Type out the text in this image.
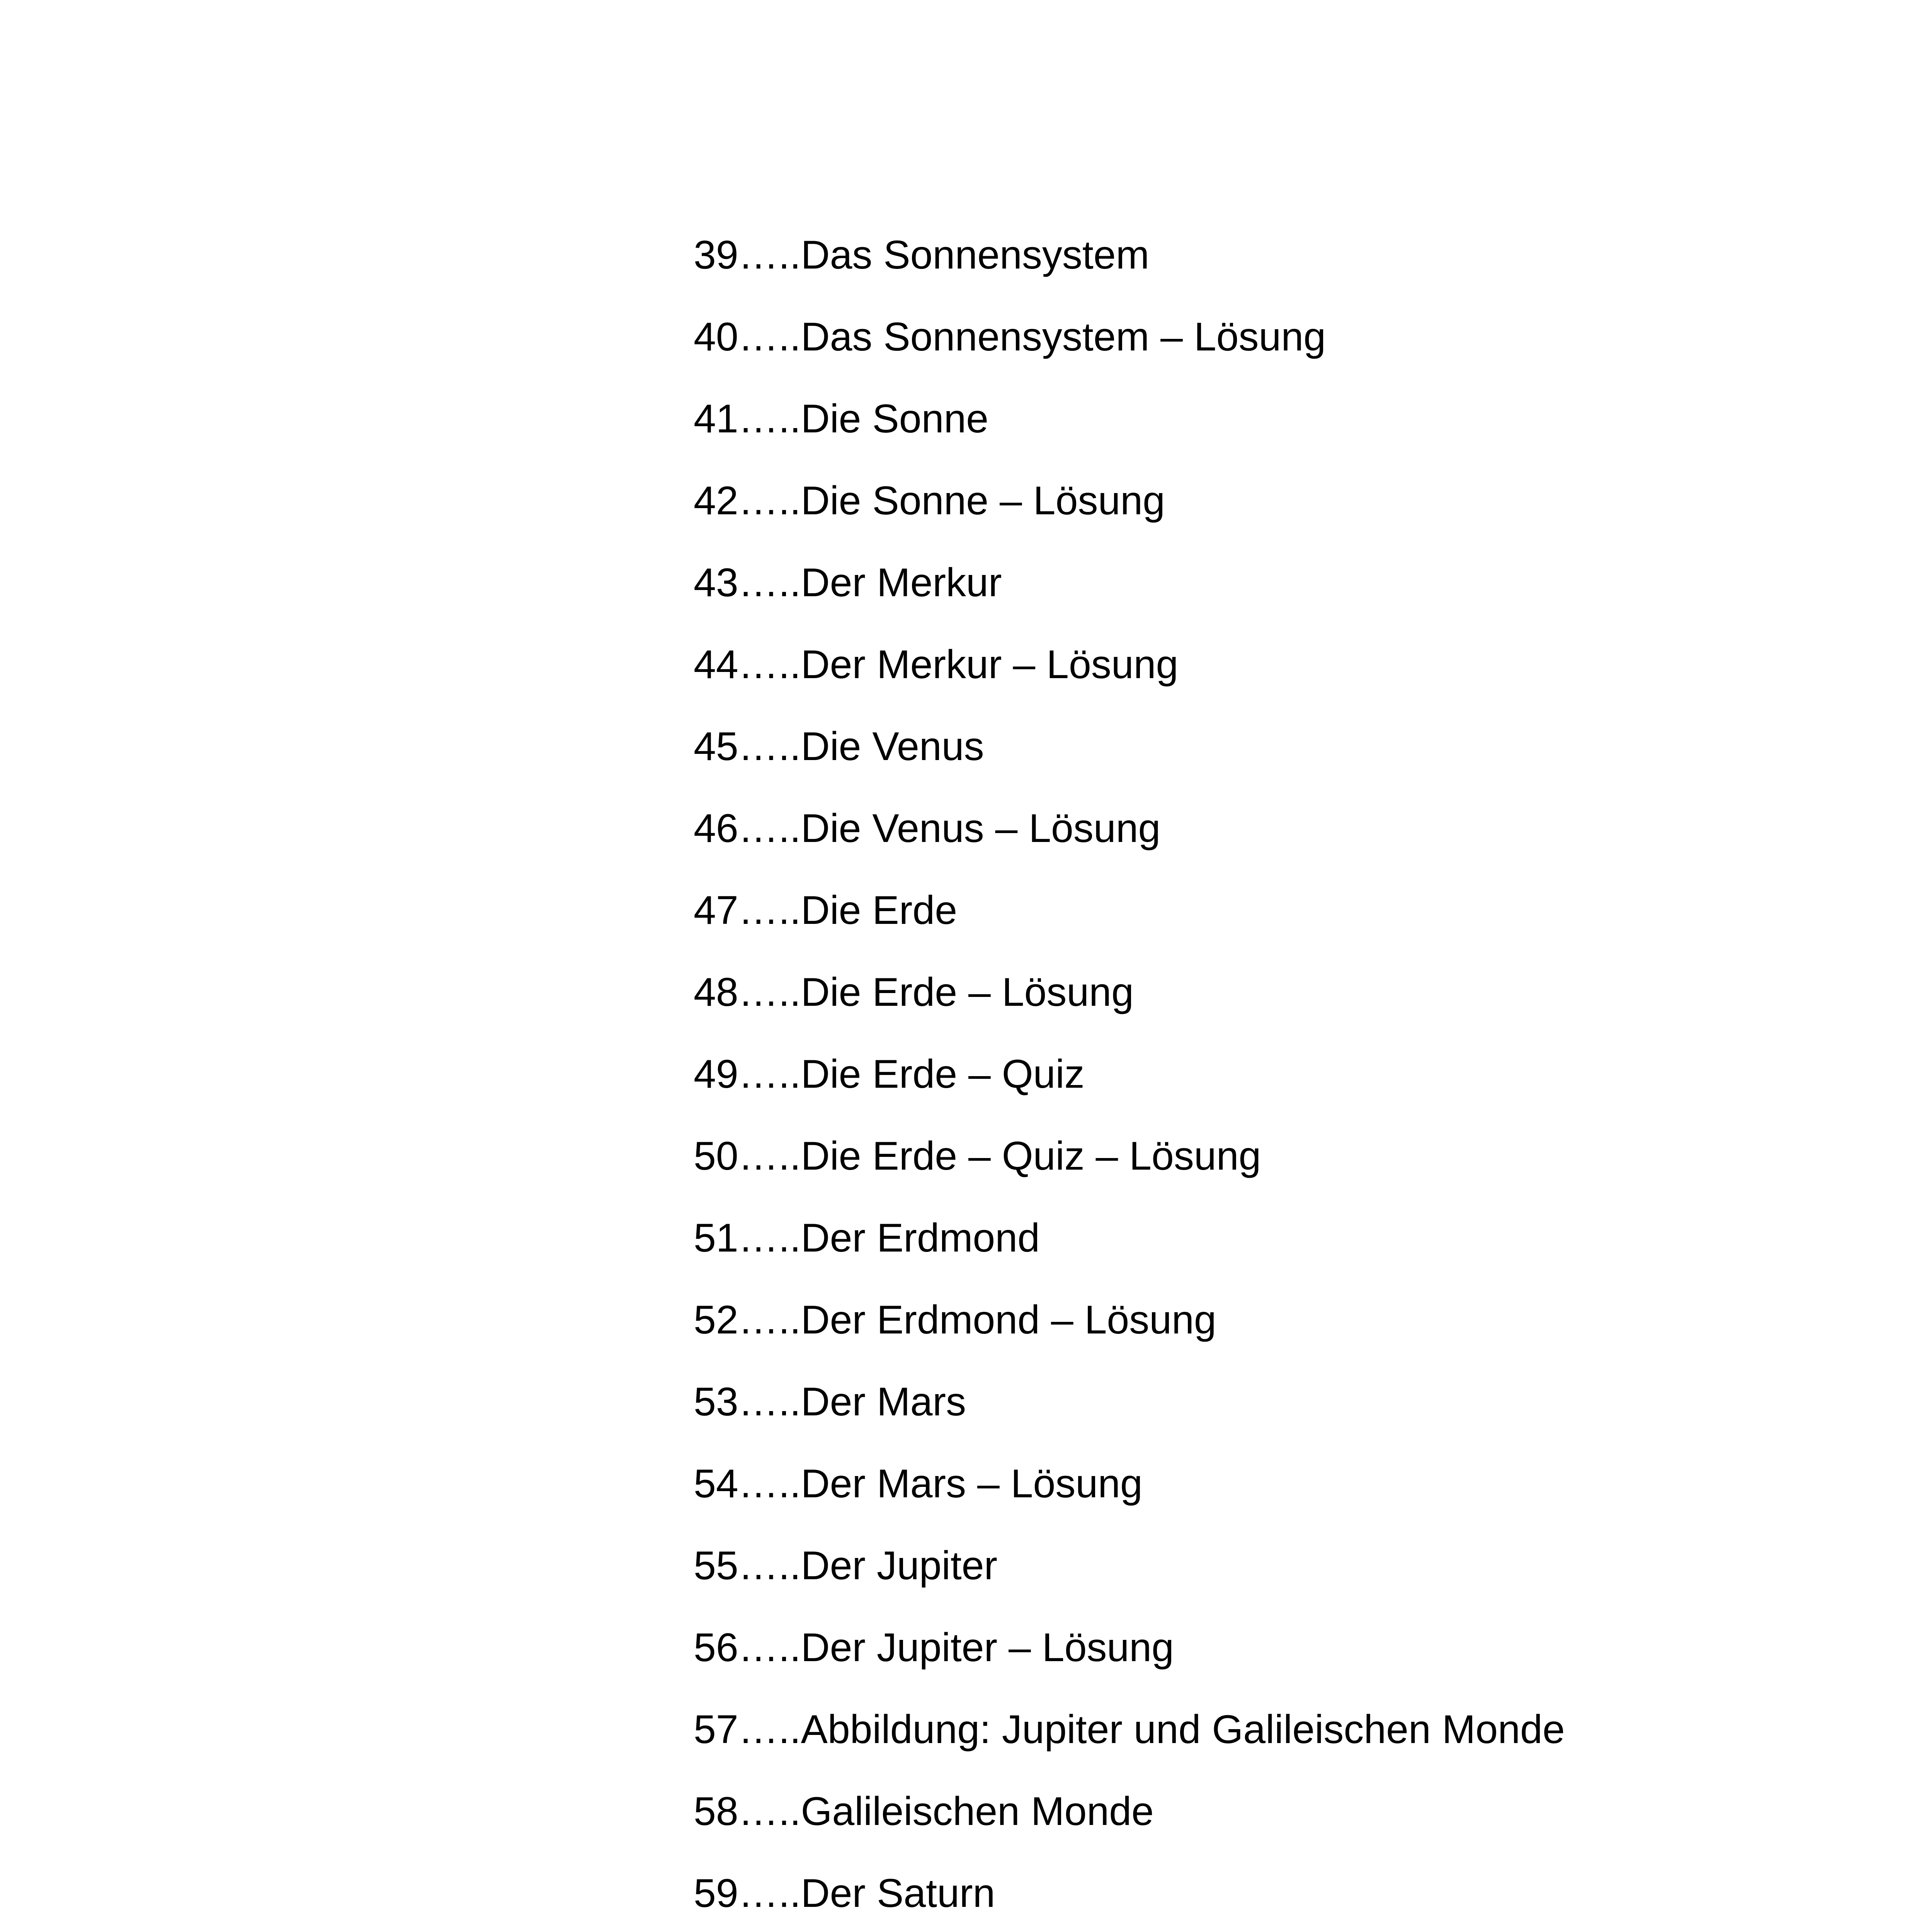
39…..Das Sonnensystem
40…..Das Sonnensystem – Lösung
41…..Die Sonne
42…..Die Sonne – Lösung
43…..Der Merkur
44…..Der Merkur – Lösung
45…..Die Venus
46…..Die Venus – Lösung
47…..Die Erde
48…..Die Erde – Lösung
49…..Die Erde – Quiz
50…..Die Erde – Quiz – Lösung
51…..Der Erdmond
52…..Der Erdmond – Lösung
53…..Der Mars
54…..Der Mars – Lösung
55…..Der Jupiter
56…..Der Jupiter – Lösung
57…..Abbildung: Jupiter und Galileischen Monde
58…..Galileischen Monde
59…..Der Saturn
